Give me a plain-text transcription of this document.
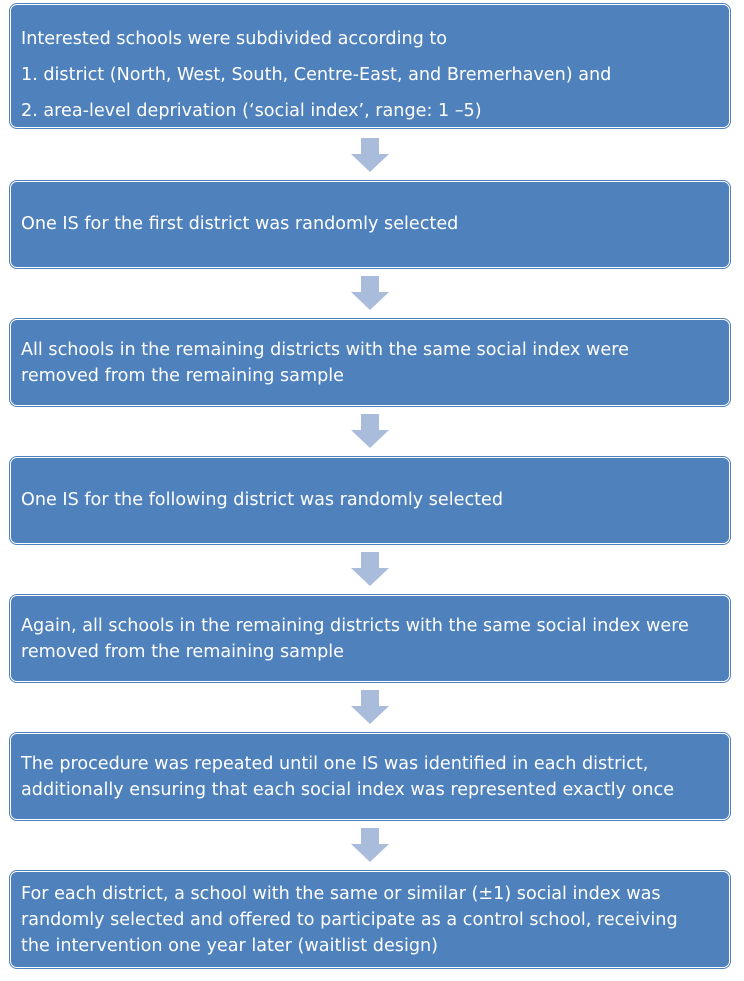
Interested schools were subdivided according to
1. district (North, West, South, Centre-East, and Bremerhaven) and
2. area-level deprivation (‘social index’, range: 1 –5)
One IS for the first district was randomly selected
All schools in the remaining districts with the same social index were
removed from the remaining sample
One IS for the following district was randomly selected
Again, all schools in the remaining districts with the same social index were
removed from the remaining sample
The procedure was repeated until one IS was identified in each district,
additionally ensuring that each social index was represented exactly once
For each district, a school with the same or similar (±1) social index was
randomly selected and offered to participate as a control school, receiving
the intervention one year later (waitlist design)
